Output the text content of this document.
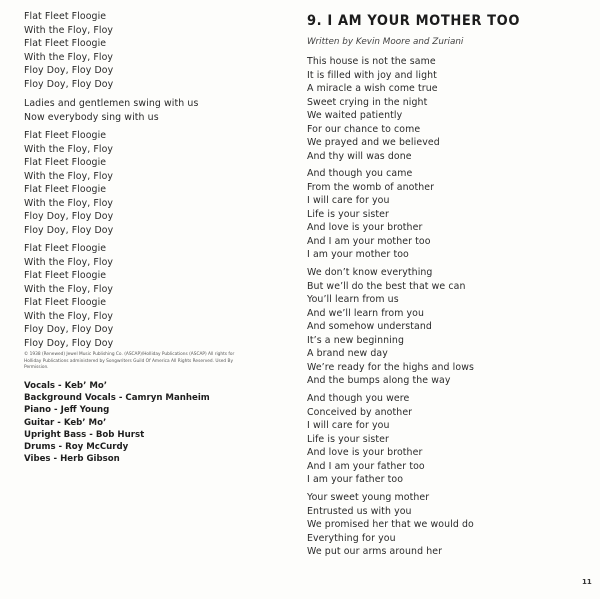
Flat Fleet Floogie
With the Floy, Floy
Flat Fleet Floogie
With the Floy, Floy
Floy Doy, Floy Doy
Floy Doy, Floy Doy
Ladies and gentlemen swing with us
Now everybody sing with us
Flat Fleet Floogie
With the Floy, Floy
Flat Fleet Floogie
With the Floy, Floy
Flat Fleet Floogie
With the Floy, Floy
Floy Doy, Floy Doy
Floy Doy, Floy Doy
Flat Fleet Floogie
With the Floy, Floy
Flat Fleet Floogie
With the Floy, Floy
Flat Fleet Floogie
With the Floy, Floy
Floy Doy, Floy Doy
Floy Doy, Floy Doy
© 1938 (Renewed) Jewel Music Publishing Co. (ASCAP)/Holliday Publications (ASCAP) All rights for Holliday Publications administered by Songwriters Guild Of America All Rights Reserved. Used By Permission.
Vocals - Keb’ Mo’
Background Vocals - Camryn Manheim
Piano - Jeff Young
Guitar - Keb’ Mo’
Upright Bass - Bob Hurst
Drums - Roy McCurdy
Vibes - Herb Gibson
9. I AM YOUR MOTHER TOO
Written by Kevin Moore and Zuriani
This house is not the same
It is filled with joy and light
A miracle a wish come true
Sweet crying in the night
We waited patiently
For our chance to come
We prayed and we believed
And thy will was done
And though you came
From the womb of another
I will care for you
Life is your sister
And love is your brother
And I am your mother too
I am your mother too
We don’t know everything
But we’ll do the best that we can
You’ll learn from us
And we’ll learn from you
And somehow understand
It’s a new beginning
A brand new day
We’re ready for the highs and lows
And the bumps along the way
And though you were
Conceived by another
I will care for you
Life is your sister
And love is your brother
And I am your father too
I am your father too
Your sweet young mother
Entrusted us with you
We promised her that we would do
Everything for you
We put our arms around her
11
